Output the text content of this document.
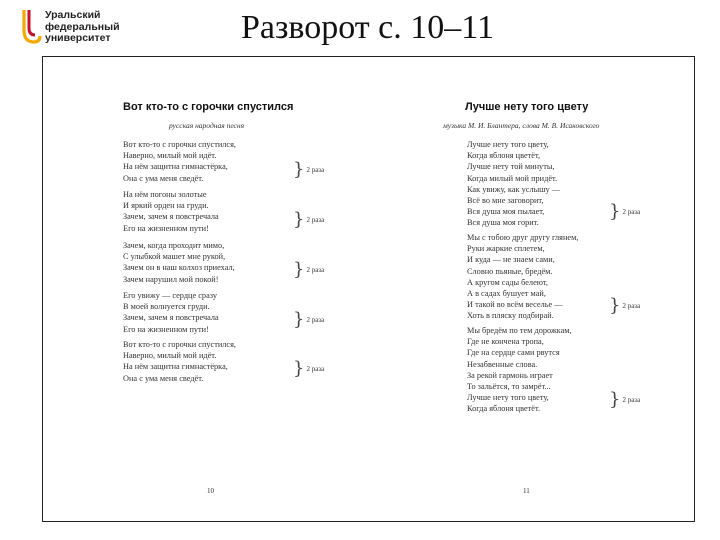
Уральский
федеральный
университет	Разворот с. 10–11
Вот кто-то с горочки спустился
русская народная песня
Вот кто-то с горочки спустился,
Наверно, милый мой идёт.
На нём защитна гимнастёрка,
Она с ума меня сведёт.	} 2 раза
На нём погоны золотые
И яркий орден на груди.
Зачем, зачем я повстречала
Его на жизненном пути!	} 2 раза
Зачем, когда проходит мимо,
С улыбкой машет мне рукой,
Зачем он в наш колхоз приехал,
Зачем нарушил мой покой!	} 2 раза
Его увижу — сердце сразу
В моей волнуется груди.
Зачем, зачем я повстречала
Его на жизненном пути!	} 2 раза
Вот кто-то с горочки спустился,
Наверно, милый мой идёт.
На нём защитна гимнастёрка,
Она с ума меня сведёт.	} 2 раза
10
Лучше нету того цвету
музыка М. И. Блантера, слова М. В. Исаковского
Лучше нету того цвету,
Когда яблоня цветёт,
Лучше нету той минуты,
Когда милый мой придёт.
Как увижу, как услышу —
Всё во мне заговорит,
Вся душа моя пылает,
Вся душа моя горит.
} 2 раза
Мы с тобою друг другу глянем,
Руки жаркие сплетем,
И куда — не знаем сами,
Словно пьяные, бредём.
А кругом сады белеют,
А в садах бушует май,
И такой во всём веселье —
Хоть в пляску подбирай.	} 2 раза
Мы бредём по тем дорожкам,
Где не кончена тропа,
Где на сердце сами рвутся
Незабвенные слова.
За рекой гармонь играет
То зальётся, то замрёт...
Лучше нету того цвету,
Когда яблоня цветёт.	} 2 раза
11
